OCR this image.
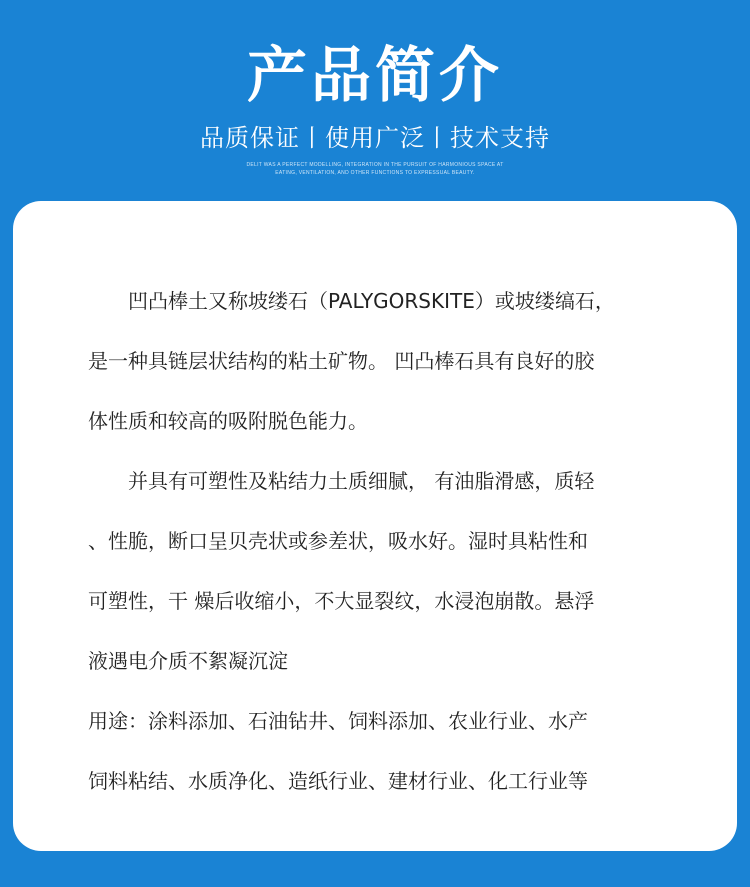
产品简介
品质保证丨使用广泛丨技术支持
DELIT WAS A PERFECT MODELLING, INTEGRATION IN THE PURSUIT OF HARMONIOUS SPACE AT
EATING, VENTILATION, AND OTHER FUNCTIONS TO EXPRESSUAL BEAUTY.
凹凸棒土又称坡缕石（PALYGORSKITE）或坡缕缟石，
是一种具链层状结构的粘土矿物。 凹凸棒石具有良好的胶
体性质和较高的吸附脱色能力。
并具有可塑性及粘结力土质细腻， 有油脂滑感，质轻
、性脆，断口呈贝壳状或参差状，吸水好。湿时具粘性和
可塑性，干 燥后收缩小，不大显裂纹，水浸泡崩散。悬浮
液遇电介质不絮凝沉淀
用途：涂料添加、石油钻井、饲料添加、农业行业、水产
饲料粘结、水质净化、造纸行业、建材行业、化工行业等
